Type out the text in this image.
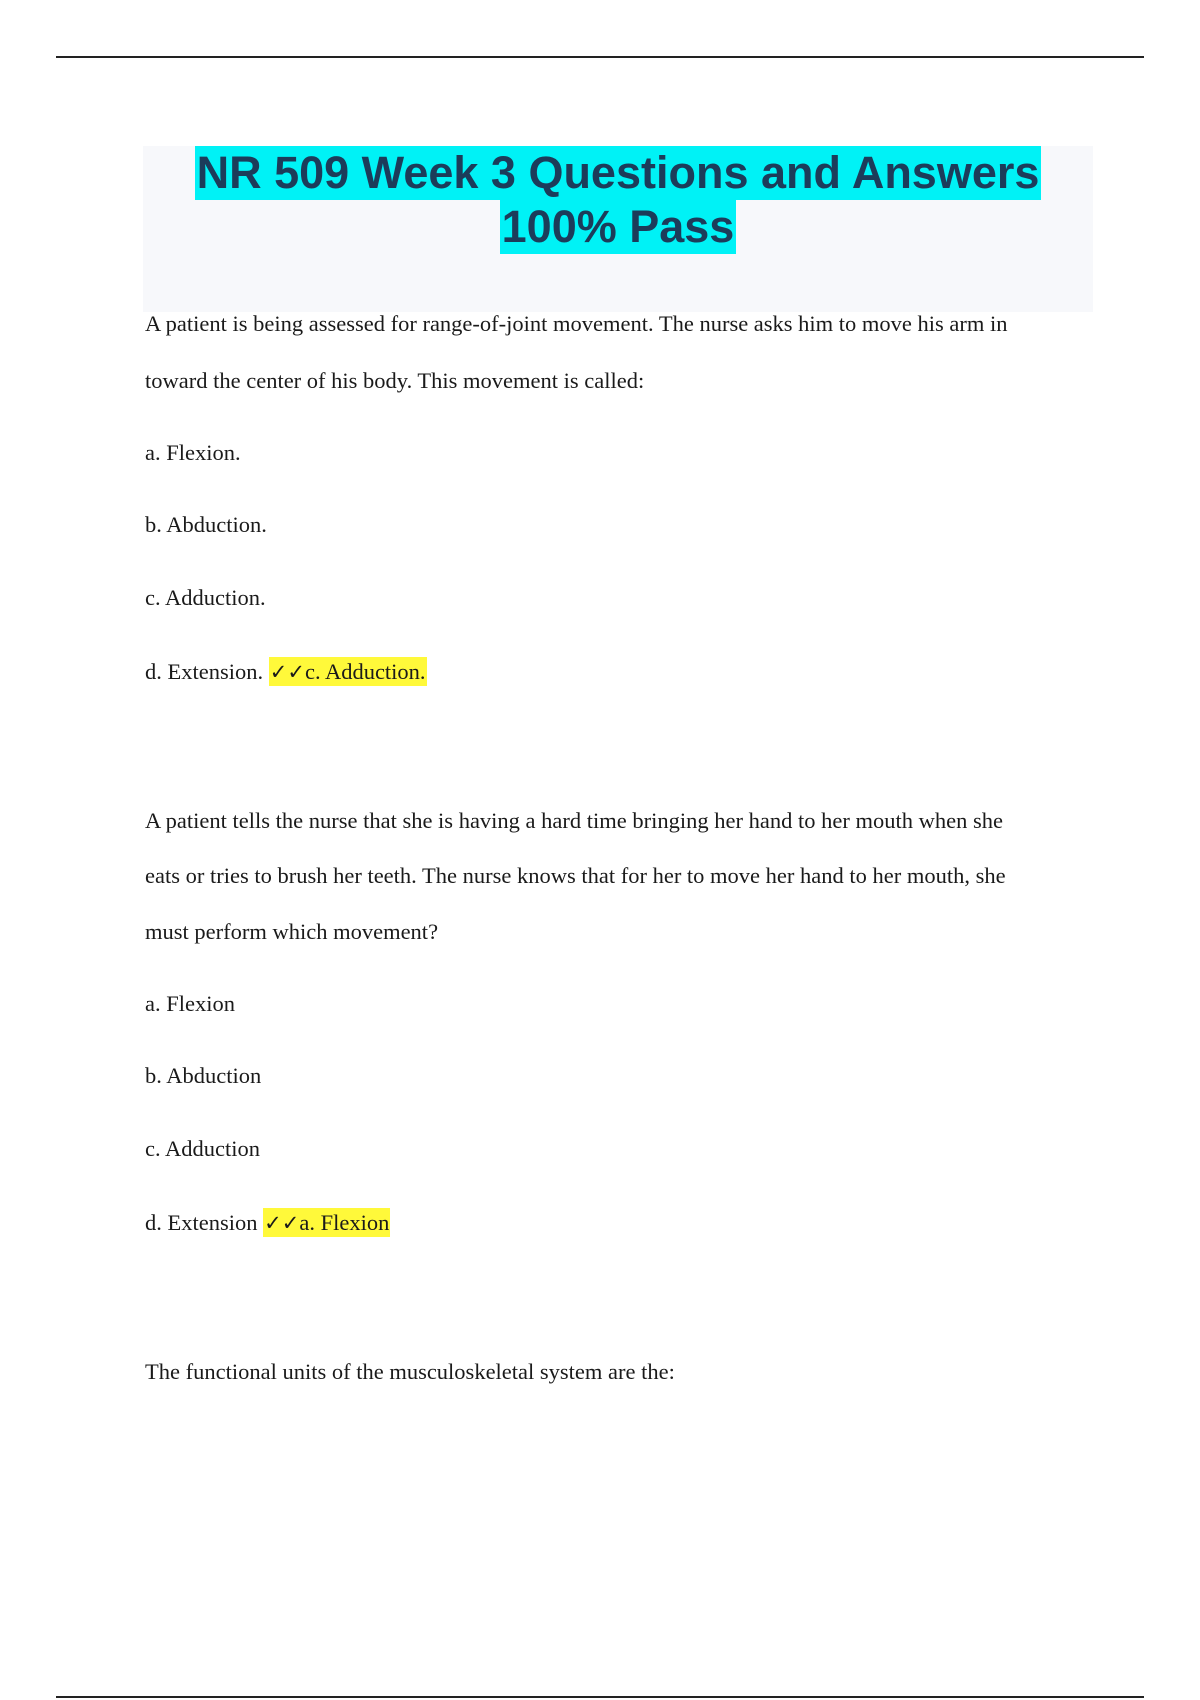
NR 509 Week 3 Questions and Answers
100% Pass
A patient is being assessed for range-of-joint movement. The nurse asks him to move his arm in
toward the center of his body. This movement is called:
a. Flexion.
b. Abduction.
c. Adduction.
d. Extension. ✓✓c. Adduction.
A patient tells the nurse that she is having a hard time bringing her hand to her mouth when she
eats or tries to brush her teeth. The nurse knows that for her to move her hand to her mouth, she
must perform which movement?
a. Flexion
b. Abduction
c. Adduction
d. Extension ✓✓a. Flexion
The functional units of the musculoskeletal system are the:
